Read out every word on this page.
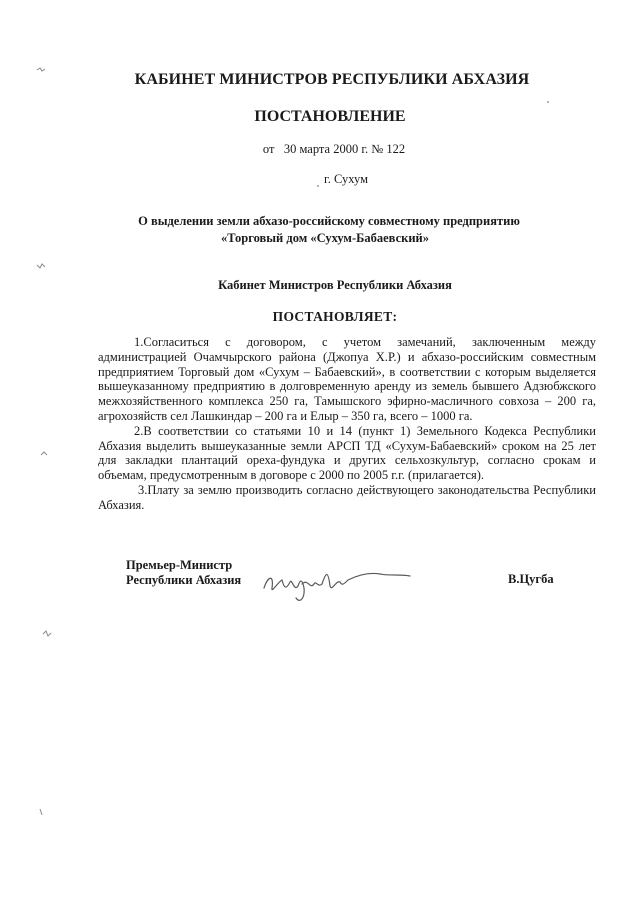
КАБИНЕТ МИНИСТРОВ РЕСПУБЛИКИ АБХАЗИЯ
ПОСТАНОВЛЕНИЕ
от   30 марта 2000 г. № 122
г. Сухум
О выделении земли абхазо-российскому совместному предприятию
«Торговый дом «Сухум-Бабаевский»
Кабинет Министров Республики Абхазия
ПОСТАНОВЛЯЕТ:

1.Согласиться с договором, с учетом замечаний, заключенным между администрацией Очамчырского района (Джопуа Х.Р.) и абхазо-российским совместным предприятием Торговый дом «Сухум – Бабаевский», в соответствии с которым выделяется вышеуказанному предприятию в долговременную аренду из земель бывшего Адзюбжского межхозяйственного комплекса 250 га, Тамышского эфирно-масличного совхоза – 200 га, агрохозяйств сел Лашкиндар – 200 га и Елыр – 350 га, всего – 1000 га.

2.В соответствии со статьями 10 и 14 (пункт 1) Земельного Кодекса Республики Абхазия выделить вышеуказанные земли АРСП ТД «Сухум-Бабаевский» сроком на 25 лет для закладки плантаций ореха-фундука и других сельхозкультур, согласно срокам и объемам, предусмотренным в договоре с 2000 по 2005 г.г. (прилагается).

3.Плату за землю производить согласно действующего законодательства Республики Абхазия.

Премьер-Министр
Республики Абхазия	В.Цугба
